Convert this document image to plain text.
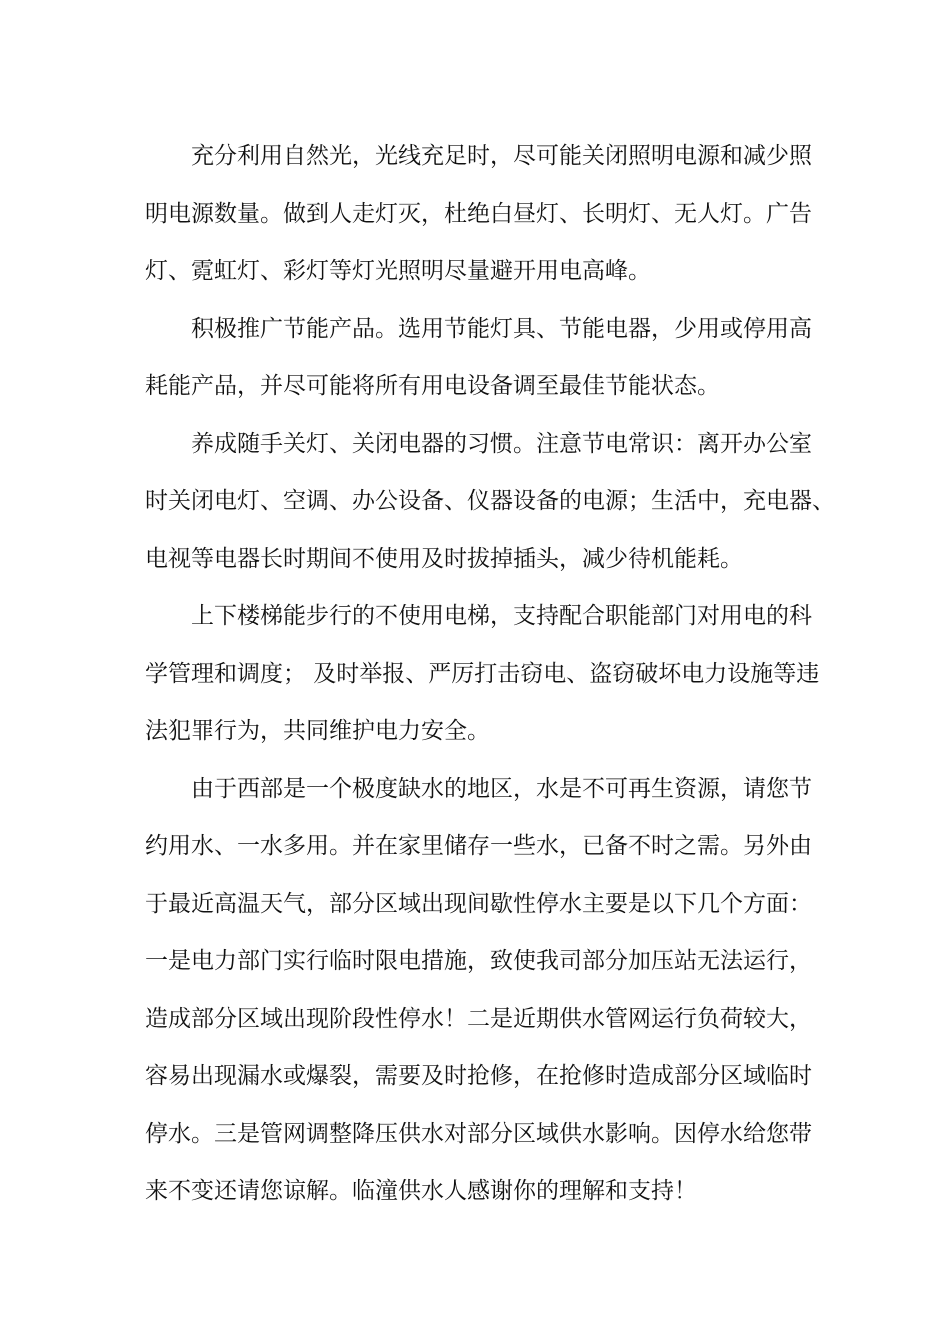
充分利用自然光，光线充足时，尽可能关闭照明电源和减少照
明电源数量。做到人走灯灭，杜绝白昼灯、长明灯、无人灯。广告
灯、霓虹灯、彩灯等灯光照明尽量避开用电高峰。

积极推广节能产品。选用节能灯具、节能电器，少用或停用高
耗能产品，并尽可能将所有用电设备调至最佳节能状态。

养成随手关灯、关闭电器的习惯。注意节电常识：离开办公室
时关闭电灯、空调、办公设备、仪器设备的电源；生活中，充电器、
电视等电器长时期间不使用及时拔掉插头，减少待机能耗。

上下楼梯能步行的不使用电梯，支持配合职能部门对用电的科
学管理和调度； 及时举报、严厉打击窃电、盗窃破坏电力设施等违
法犯罪行为，共同维护电力安全。

由于西部是一个极度缺水的地区，水是不可再生资源，请您节
约用水、一水多用。并在家里储存一些水，已备不时之需。另外由
于最近高温天气，部分区域出现间歇性停水主要是以下几个方面：
一是电力部门实行临时限电措施，致使我司部分加压站无法运行，
造成部分区域出现阶段性停水！二是近期供水管网运行负荷较大，
容易出现漏水或爆裂，需要及时抢修，在抢修时造成部分区域临时
停水。三是管网调整降压供水对部分区域供水影响。因停水给您带
来不变还请您谅解。临潼供水人感谢你的理解和支持！
